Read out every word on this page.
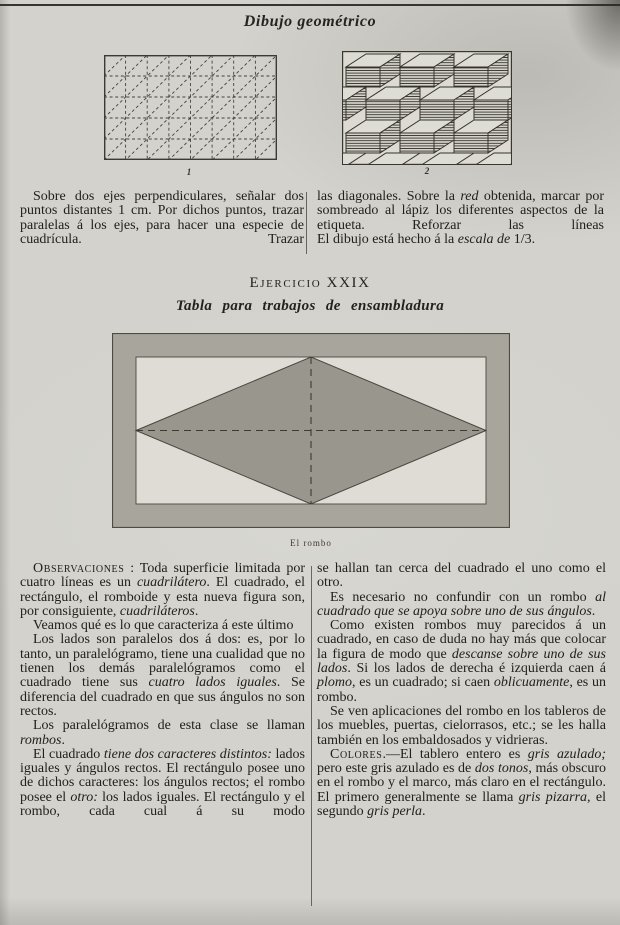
Dibujo geométrico
1	2

Sobre dos ejes perpendiculares, señalar dos puntos distantes 1 cm. Por dichos puntos, trazar paralelas á los ejes, para hacer una especie de cuadrícula. Trazar

las diagonales. Sobre la red obtenida, marcar por sombreado al lápiz los diferentes aspectos de la etiqueta. Reforzar las líneas

El dibujo está hecho á la escala de 1/3.

Ejercicio XXIX
Tabla para trabajos de ensambladura
El rombo

Observaciones : Toda superficie limitada por cuatro líneas es un cuadrilátero. El cuadrado, el rectángulo, el romboide y esta nueva figura son, por consiguiente, cuadriláteros.

Veamos qué es lo que caracteriza á este último

Los lados son paralelos dos á dos: es, por lo tanto, un paralelógramo, tiene una cualidad que no tienen los demás paralelógramos como el cuadrado tiene sus cuatro lados iguales. Se diferencia del cuadrado en que sus ángulos no son rectos.

Los paralelógramos de esta clase se llaman rombos.

El cuadrado tiene dos caracteres distintos: lados iguales y ángulos rectos. El rectángulo posee uno de dichos caracteres: los ángulos rectos; el rombo posee el otro: los lados iguales. El rectángulo y el rombo, cada cual á su modo

se hallan tan cerca del cuadrado el uno como el otro.

Es necesario no confundir con un rombo al cuadrado que se apoya sobre uno de sus ángulos.

Como existen rombos muy parecidos á un cuadrado, en caso de duda no hay más que colocar la figura de modo que descanse sobre uno de sus lados. Si los lados de derecha é izquierda caen á plomo, es un cuadrado; si caen oblicuamente, es un rombo.

Se ven aplicaciones del rombo en los tableros de los muebles, puertas, cielorrasos, etc.; se les halla también en los embaldosados y vidrieras.

Colores.—El tablero entero es gris azulado; pero este gris azulado es de dos tonos, más obscuro en el rombo y el marco, más claro en el rectángulo. El primero generalmente se llama gris pizarra, el segundo gris perla.
